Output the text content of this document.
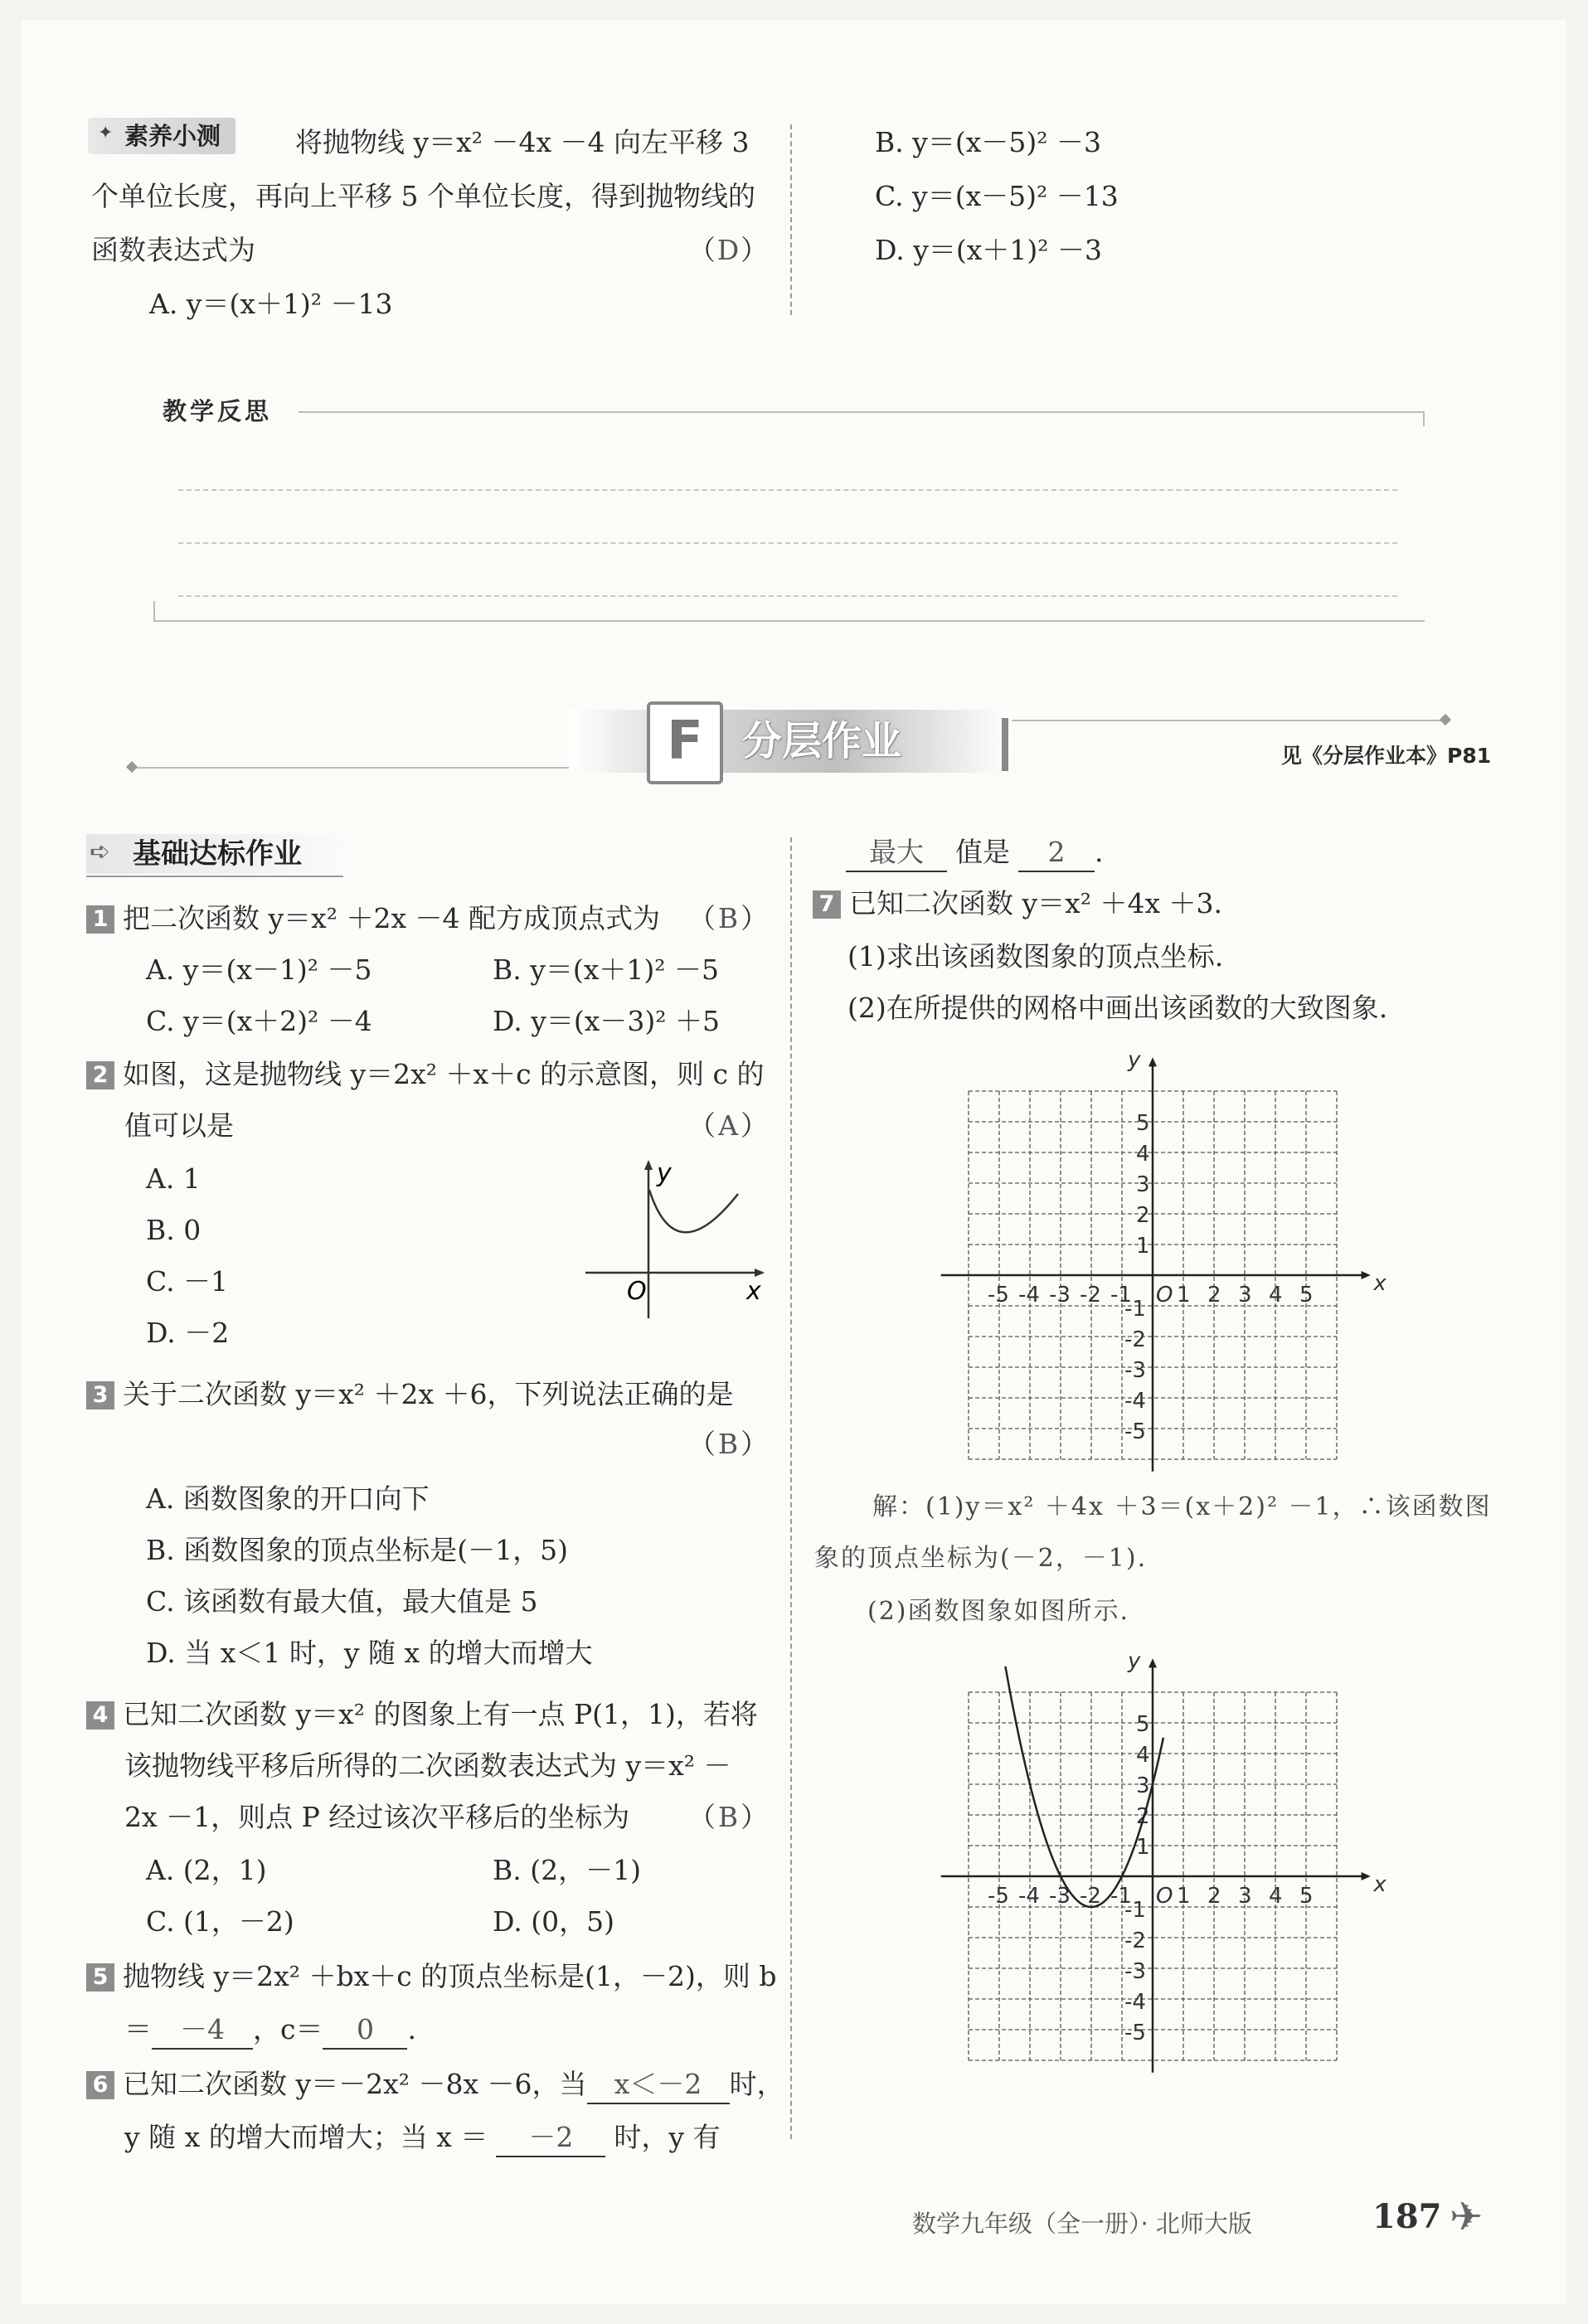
✦ 素养小测	将抛物线 y＝x² －4x －4 向左平移 3
个单位长度，再向上平移 5 个单位长度，得到抛物线的
函数表达式为	（D）
A. y＝(x＋1)² －13
B. y＝(x－5)² －3
C. y＝(x－5)² －13
D. y＝(x＋1)² －3
教学反思
F 分层作业	见《分层作业本》P81
➪ 基础达标作业
1 把二次函数 y＝x² ＋2x －4 配方成顶点式为 （B）
A. y＝(x－1)² －5	B. y＝(x＋1)² －5
C. y＝(x＋2)² －4	D. y＝(x－3)² ＋5
2 如图，这是抛物线 y＝2x² ＋x＋c 的示意图，则 c 的
值可以是	（A）
A. 1
B. 0
C. －1
D. －2
y
x
O
3 关于二次函数 y＝x² ＋2x ＋6，下列说法正确的是
（B）
A. 函数图象的开口向下
B. 函数图象的顶点坐标是(－1，5)
C. 该函数有最大值，最大值是 5
D. 当 x＜1 时，y 随 x 的增大而增大
4 已知二次函数 y＝x² 的图象上有一点 P(1，1)，若将
该抛物线平移后所得的二次函数表达式为 y＝x² －
2x －1，则点 P 经过该次平移后的坐标为 （B）
A. (2，1)	B. (2，－1)
C. (1，－2)	D. (0，5)
5 抛物线 y＝2x² ＋bx＋c 的顶点坐标是(1，－2)，则 b
＝ －4 ，c＝ 0 .
6 已知二次函数 y＝－2x² －8x －6，当 x＜－2 时，
y 随 x 的增大而增大；当 x ＝ －2 时，y 有
最大 值是 2 .
7 已知二次函数 y＝x² ＋4x ＋3.
(1)求出该函数图象的顶点坐标.
(2)在所提供的网格中画出该函数的大致图象.
x
y
O
-5 -4 -3 -2 -1 1 2 3 4 5
1
2
3
4
5
-1
-2
-3
-4
-5
解：(1)y＝x² ＋4x ＋3＝(x＋2)² －1，∴该函数图
象的顶点坐标为(－2，－1).
(2)函数图象如图所示.
x
y
O
-5 -4 -3 -2 -1 1 2 3 4 5
1
2
3
4
5
-1
-2
-3
-4
-5
数学九年级（全一册）· 北师大版	187 ✈
